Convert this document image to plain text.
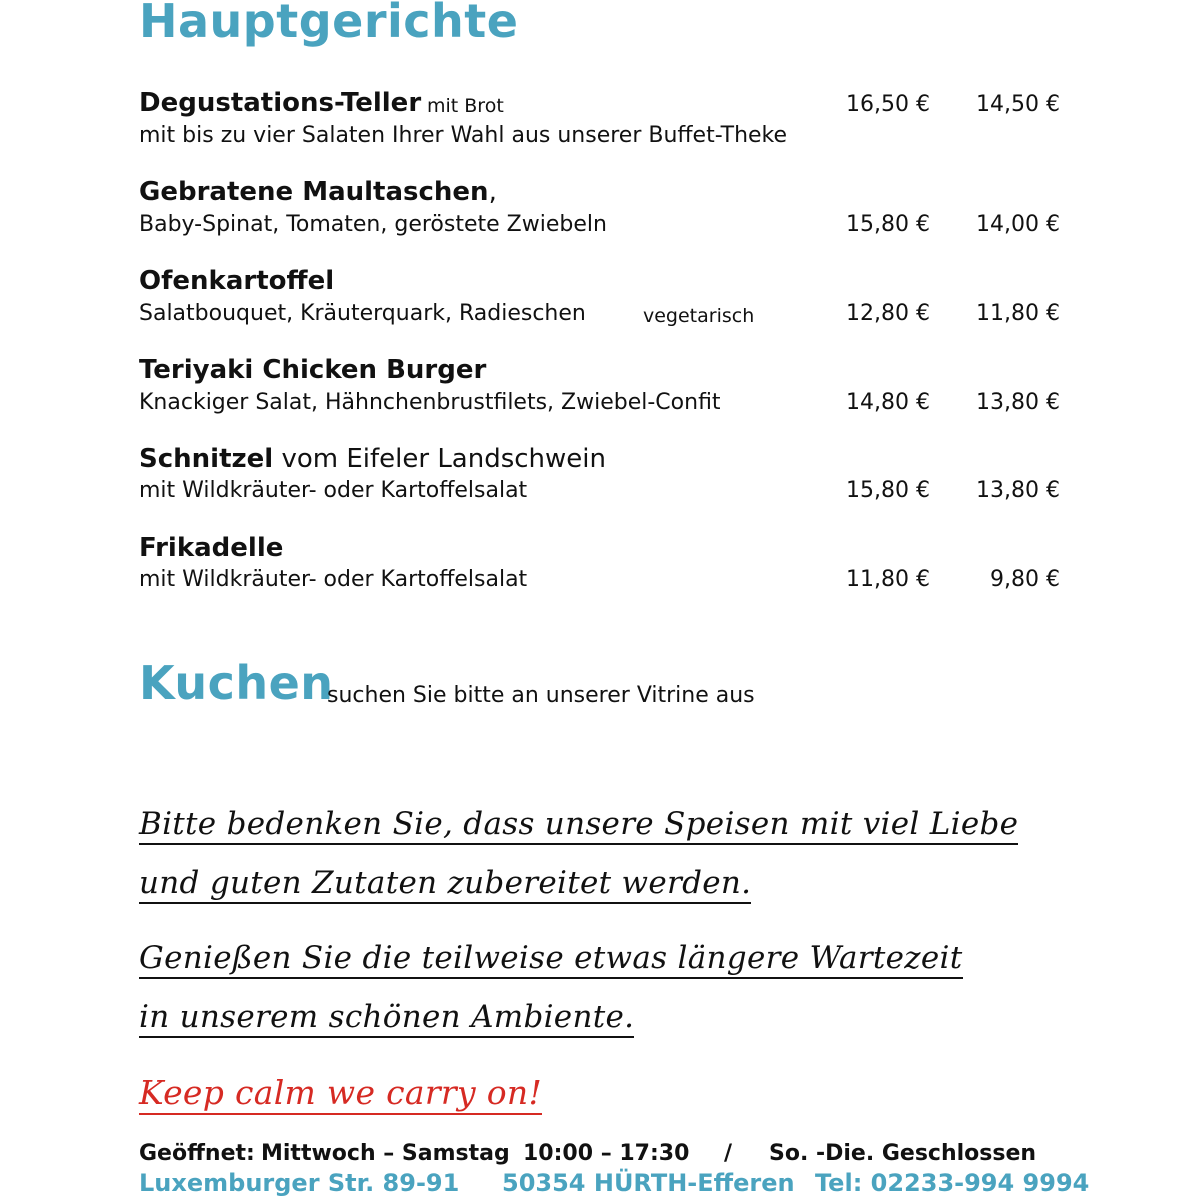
Hauptgerichte
Degustations-Teller mit Brot
mit bis zu vier Salaten Ihrer Wahl aus unserer Buffet-Theke
16,50 €	14,50 €
Gebratene Maultaschen,
Baby-Spinat, Tomaten, geröstete Zwiebeln	15,80 €	14,00 €
Ofenkartoffel
Salatbouquet, Kräuterquark, Radieschen	vegetarisch	12,80 €	11,80 €
Teriyaki Chicken Burger
Knackiger Salat, Hähnchenbrustfilets, Zwiebel-Confit	14,80 €	13,80 €
Schnitzel vom Eifeler Landschwein
mit Wildkräuter- oder Kartoffelsalat	15,80 €	13,80 €
Frikadelle
mit Wildkräuter- oder Kartoffelsalat	11,80 €	9,80 €
Kuchen
suchen Sie bitte an unserer Vitrine aus
Bitte bedenken Sie, dass unsere Speisen mit viel Liebe
und guten Zutaten zubereitet werden.
Genießen Sie die teilweise etwas längere Wartezeit
in unserem schönen Ambiente.
Keep calm we carry on!
Geöffnet: Mittwoch – Samstag 10:00 – 17:30 / So. -Die. Geschlossen
Luxemburger Str. 89-91 50354 HÜRTH-Efferen Tel: 02233-994 9994
